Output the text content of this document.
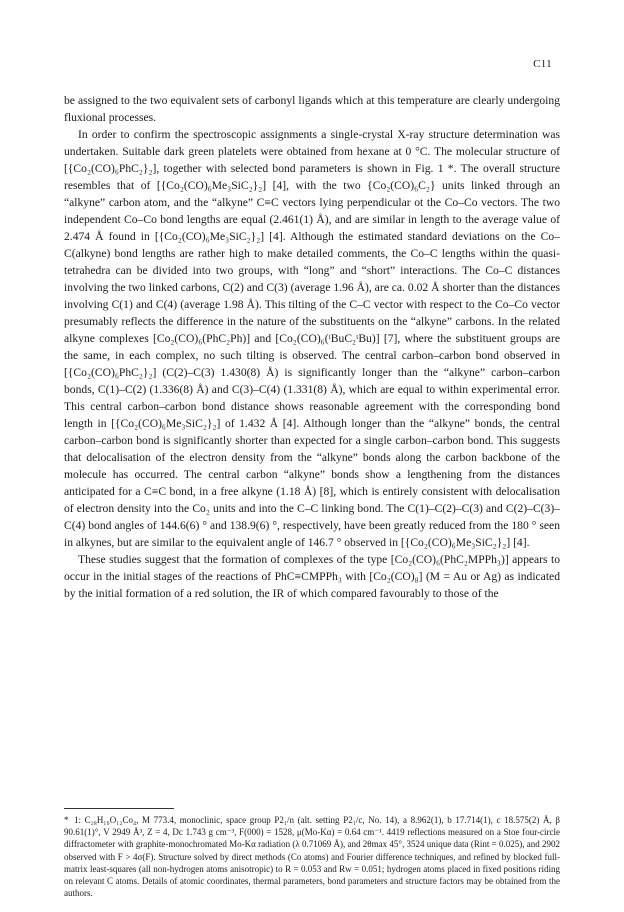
C11

be assigned to the two equivalent sets of carbonyl ligands which at this temperature are clearly undergoing fluxional processes.

In order to confirm the spectroscopic assignments a single-crystal X-ray structure determination was undertaken. Suitable dark green platelets were obtained from hexane at 0 °C. The molecular structure of [{Co₂(CO)₆PhC₂}₂], together with selected bond parameters is shown in Fig. 1 *. The overall structure resembles that of [{Co₂(CO)₆Me₃SiC₂}₂] [4], with the two {Co₂(CO)₆C₂} units linked through an “alkyne” carbon atom, and the “alkyne” C≡C vectors lying perpendicular ot the Co–Co vectors. The two independent Co–Co bond lengths are equal (2.461(1) Å), and are similar in length to the average value of 2.474 Å found in [{Co₂(CO)₆Me₃SiC₂}₂] [4]. Although the estimated standard deviations on the Co–C(alkyne) bond lengths are rather high to make detailed comments, the Co–C lengths within the quasi-tetrahedra can be divided into two groups, with “long” and “short” interactions. The Co–C distances involving the two linked carbons, C(2) and C(3) (average 1.96 Å), are ca. 0.02 Å shorter than the distances involving C(1) and C(4) (average 1.98 Å). This tilting of the C–C vector with respect to the Co–Co vector presumably reflects the difference in the nature of the substituents on the “alkyne” carbons. In the related alkyne complexes [Co₂(CO)₆(PhC₂Ph)] and [Co₂(CO)₆(ᵗBuC₂ᵗBu)] [7], where the substituent groups are the same, in each complex, no such tilting is observed. The central carbon–carbon bond observed in [{Co₂(CO)₆PhC₂}₂] (C(2)–C(3) 1.430(8) Å) is significantly longer than the “alkyne” carbon–carbon bonds, C(1)–C(2) (1.336(8) Å) and C(3)–C(4) (1.331(8) Å), which are equal to within experimental error. This central carbon–carbon bond distance shows reasonable agreement with the corresponding bond length in [{Co₂(CO)₆Me₃SiC₂}₂] of 1.432 Å [4]. Although longer than the “alkyne” bonds, the central carbon–carbon bond is significantly shorter than expected for a single carbon–carbon bond. This suggests that delocalisation of the electron density from the “alkyne” bonds along the carbon backbone of the molecule has occurred. The central carbon “alkyne” bonds show a lengthening from the distances anticipated for a C≡C bond, in a free alkyne (1.18 Å) [8], which is entirely consistent with delocalisation of electron density into the Co₂ units and into the C–C linking bond. The C(1)–C(2)–C(3) and C(2)–C(3)–C(4) bond angles of 144.6(6) ° and 138.9(6) °, respectively, have been greatly reduced from the 180 ° seen in alkynes, but are similar to the equivalent angle of 146.7 ° observed in [{Co₂(CO)₆Me₃SiC₂}₂] [4].

These studies suggest that the formation of complexes of the type [Co₂(CO)₆(PhC₂MPPh₃)] appears to occur in the initial stages of the reactions of PhC≡CMPPh₃ with [Co₂(CO)₈] (M = Au or Ag) as indicated by the initial formation of a red solution, the IR of which compared favourably to those of the

* 1: C₂₈H₁₀O₁₂Co₄, M 773.4, monoclinic, space group P2₁/n (alt. setting P2₁/c, No. 14), a 8.962(1), b 17.714(1), c 18.575(2) Å, β 90.61(1)°, V 2949 Å³, Z = 4, Dc 1.743 g cm⁻³, F(000) = 1528, μ(Mo-Kα) = 0.64 cm⁻¹. 4419 reflections measured on a Stoe four-circle diffractometer with graphite-monochromated Mo-Kα radiation (λ 0.71069 Å), and 2θmax 45°, 3524 unique data (Rint = 0.025), and 2902 observed with F > 4σ(F). Structure solved by direct methods (Co atoms) and Fourier difference techniques, and refined by blocked full-matrix least-squares (all non-hydrogen atoms anisotropic) to R = 0.053 and Rw = 0.051; hydrogen atoms placed in fixed positions riding on relevant C atoms. Details of atomic coordinates, thermal parameters, bond parameters and structure factors may be obtained from the authors.
